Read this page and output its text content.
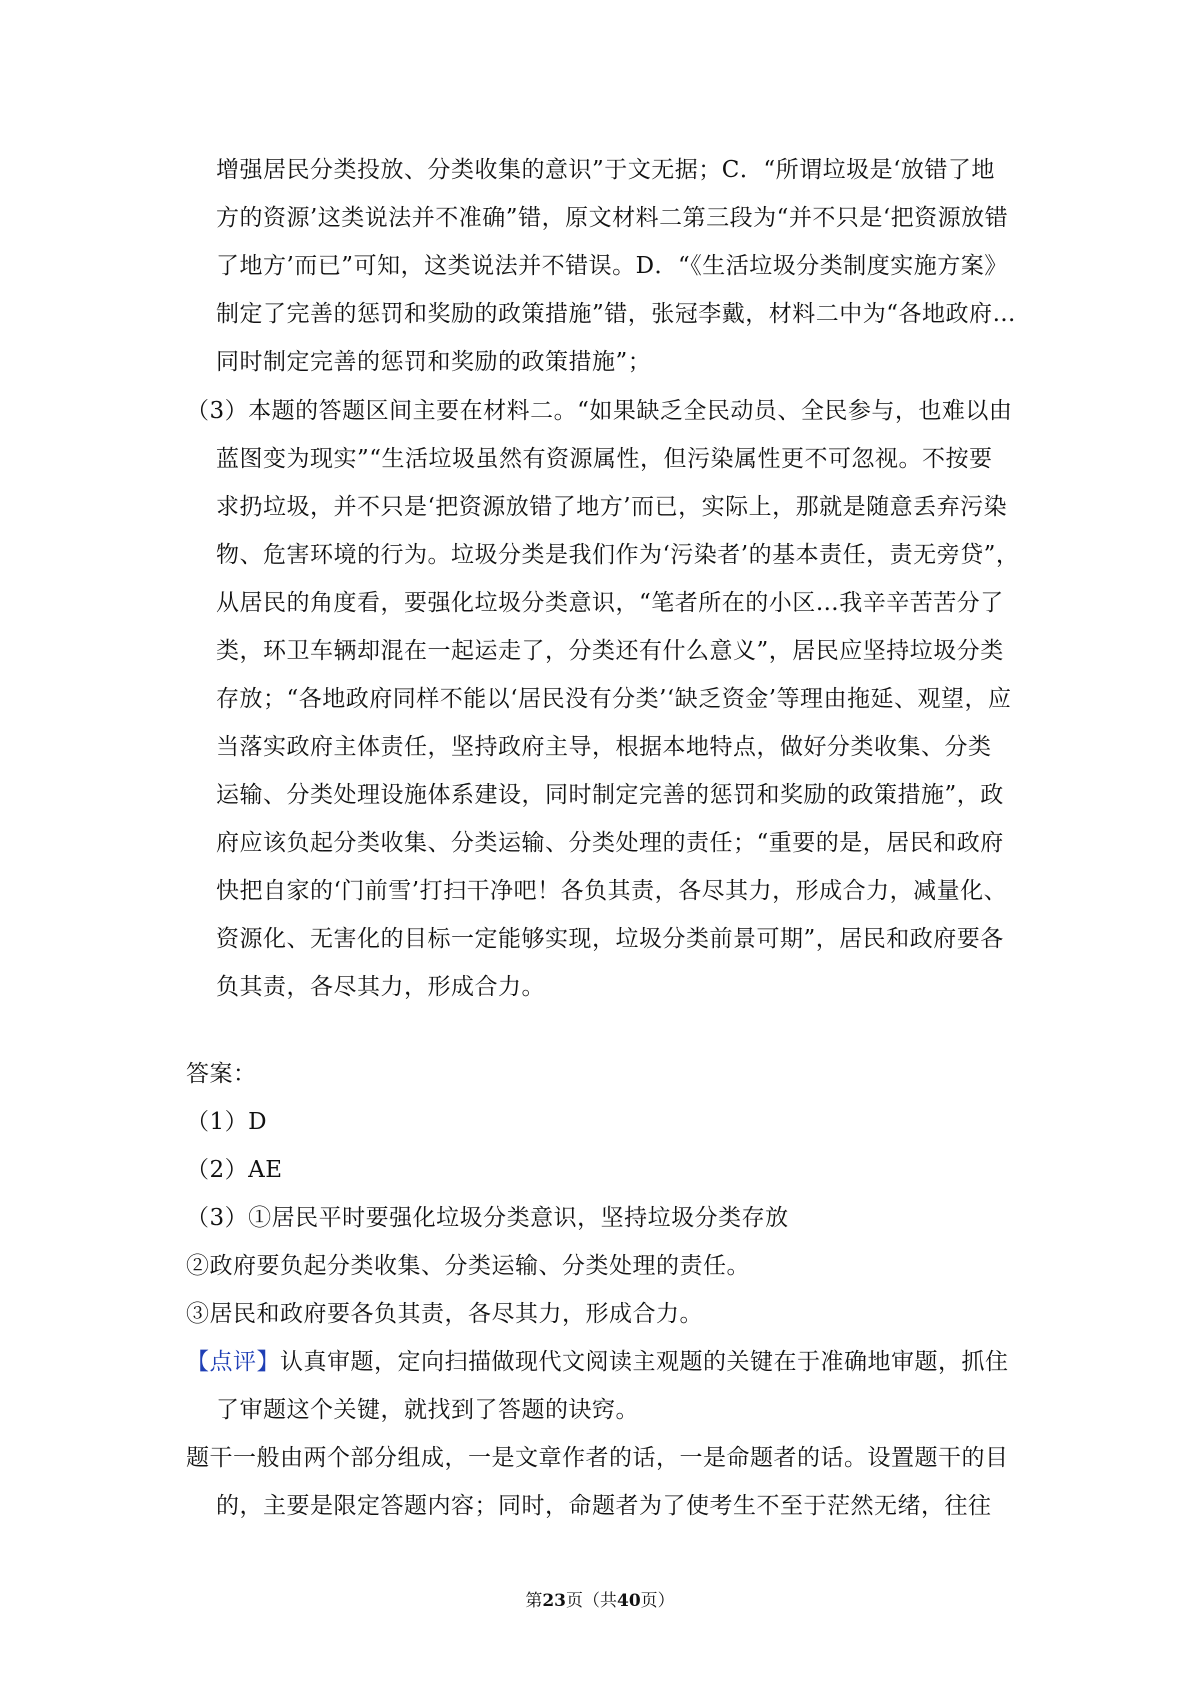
增强居民分类投放、分类收集的意识”于文无据；C．“所谓垃圾是‘放错了地
方的资源’这类说法并不准确”错，原文材料二第三段为“并不只是‘把资源放错
了地方’而已”可知，这类说法并不错误。D．“《生活垃圾分类制度实施方案》
制定了完善的惩罚和奖励的政策措施”错，张冠李戴，材料二中为“各地政府…
同时制定完善的惩罚和奖励的政策措施”；
（3）本题的答题区间主要在材料二。“如果缺乏全民动员、全民参与，也难以由
蓝图变为现实”“生活垃圾虽然有资源属性，但污染属性更不可忽视。不按要
求扔垃圾，并不只是‘把资源放错了地方’而已，实际上，那就是随意丢弃污染
物、危害环境的行为。垃圾分类是我们作为‘污染者’的基本责任，责无旁贷”，
从居民的角度看，要强化垃圾分类意识，“笔者所在的小区…我辛辛苦苦分了
类，环卫车辆却混在一起运走了，分类还有什么意义”，居民应坚持垃圾分类
存放；“各地政府同样不能以‘居民没有分类’‘缺乏资金’等理由拖延、观望，应
当落实政府主体责任，坚持政府主导，根据本地特点，做好分类收集、分类
运输、分类处理设施体系建设，同时制定完善的惩罚和奖励的政策措施”，政
府应该负起分类收集、分类运输、分类处理的责任；“重要的是，居民和政府
快把自家的‘门前雪’打扫干净吧！各负其责，各尽其力，形成合力，减量化、
资源化、无害化的目标一定能够实现，垃圾分类前景可期”，居民和政府要各
负其责，各尽其力，形成合力。
答案：
（1）D
（2）AE
（3）①居民平时要强化垃圾分类意识，坚持垃圾分类存放
②政府要负起分类收集、分类运输、分类处理的责任。
③居民和政府要各负其责，各尽其力，形成合力。
【点评】认真审题，定向扫描做现代文阅读主观题的关键在于准确地审题，抓住
了审题这个关键，就找到了答题的诀窍。
题干一般由两个部分组成，一是文章作者的话，一是命题者的话。设置题干的目
的，主要是限定答题内容；同时，命题者为了使考生不至于茫然无绪，往往
第23页（共40页）
